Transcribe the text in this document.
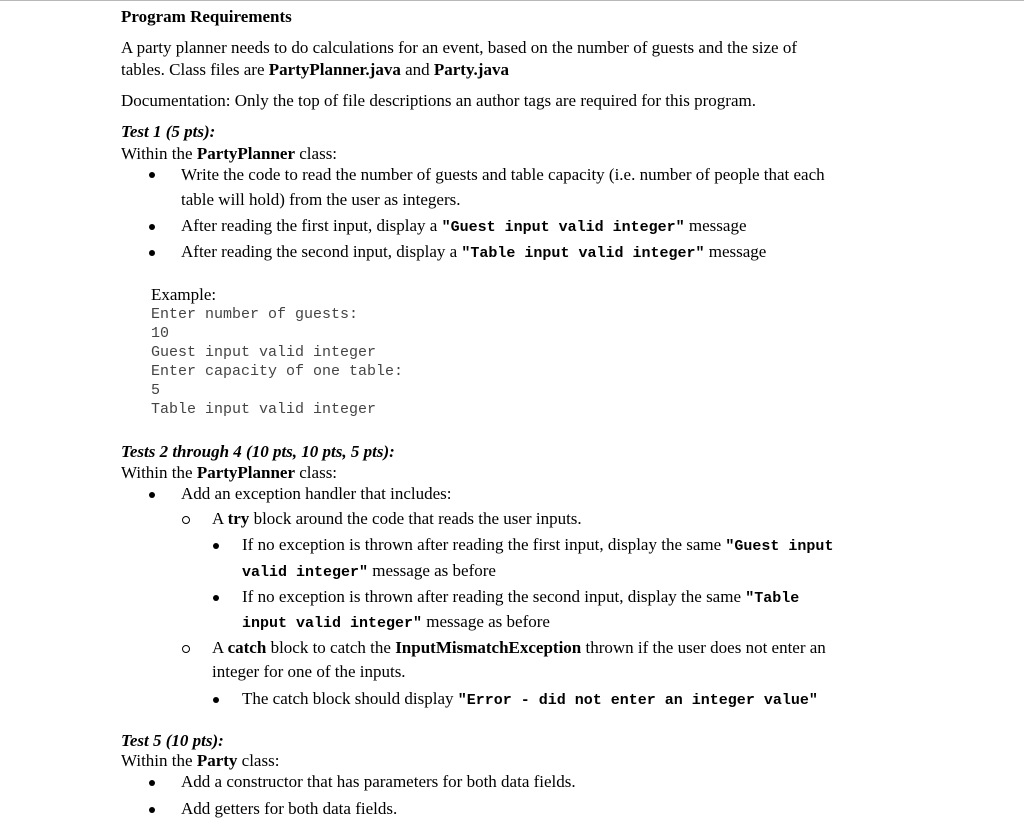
Program Requirements
A party planner needs to do calculations for an event, based on the number of guests and the size of
tables. Class files are PartyPlanner.java and Party.java
Documentation: Only the top of file descriptions an author tags are required for this program.
Test 1 (5 pts):
Within the PartyPlanner class:
Write the code to read the number of guests and table capacity (i.e. number of people that each
table will hold) from the user as integers.
After reading the first input, display a "Guest input valid integer" message
After reading the second input, display a "Table input valid integer" message
Example:
Enter number of guests:
10
Guest input valid integer
Enter capacity of one table:
5
Table input valid integer
Tests 2 through 4 (10 pts, 10 pts, 5 pts):
Within the PartyPlanner class:
Add an exception handler that includes:
A try block around the code that reads the user inputs.
If no exception is thrown after reading the first input, display the same "Guest input
valid integer" message as before
If no exception is thrown after reading the second input, display the same "Table
input valid integer" message as before
A catch block to catch the InputMismatchException thrown if the user does not enter an
integer for one of the inputs.
The catch block should display "Error - did not enter an integer value"
Test 5 (10 pts):
Within the Party class:
Add a constructor that has parameters for both data fields.
Add getters for both data fields.
